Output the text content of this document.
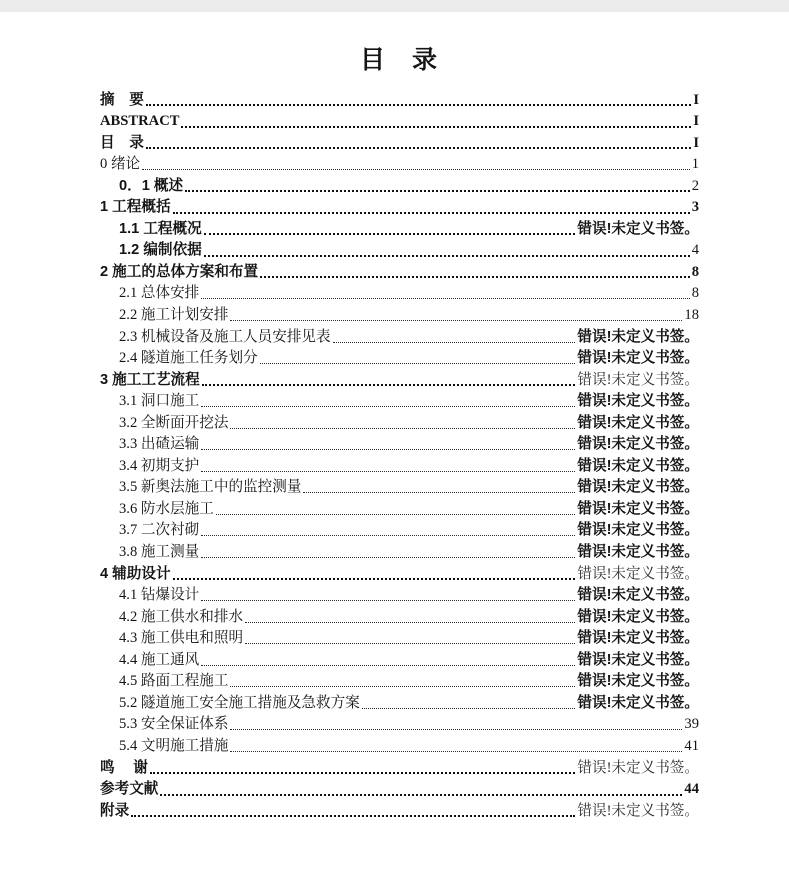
目　录
摘　要	I
ABSTRACT	I
目　录	I
0 绪论	1
0．1 概述	2
1 工程概括	3
1.1 工程概况	错误!未定义书签。
1.2 编制依据	4
2 施工的总体方案和布置	8
2.1 总体安排	8
2.2 施工计划安排	18
2.3 机械设备及施工人员安排见表	错误!未定义书签。
2.4 隧道施工任务划分	错误!未定义书签。
3 施工工艺流程	错误!未定义书签。
3.1 洞口施工	错误!未定义书签。
3.2 全断面开挖法	错误!未定义书签。
3.3 出碴运输	错误!未定义书签。
3.4 初期支护	错误!未定义书签。
3.5 新奥法施工中的监控测量	错误!未定义书签。
3.6 防水层施工	错误!未定义书签。
3.7 二次衬砌	错误!未定义书签。
3.8 施工测量	错误!未定义书签。
4 辅助设计	错误!未定义书签。
4.1 钻爆设计	错误!未定义书签。
4.2 施工供水和排水	错误!未定义书签。
4.3 施工供电和照明	错误!未定义书签。
4.4 施工通风	错误!未定义书签。
4.5 路面工程施工	错误!未定义书签。
5.2 隧道施工安全施工措施及急救方案	错误!未定义书签。
5.3 安全保证体系	39
5.4 文明施工措施	41
鸣　 谢	错误!未定义书签。
参考文献	44
附录	错误!未定义书签。
